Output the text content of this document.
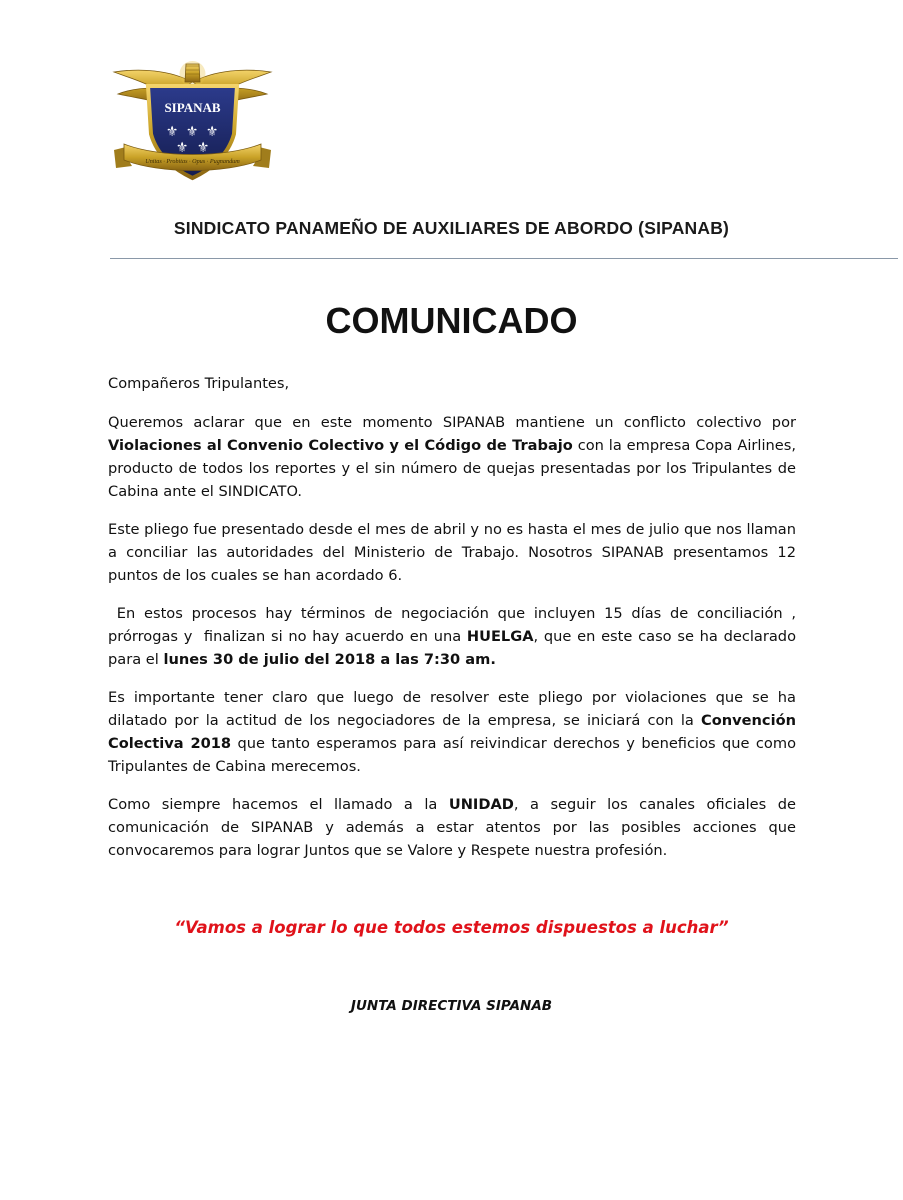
⚜ ⚜ ⚜
⚜ ⚜
SIPANAB
Unitas · Probitas · Opus · Pugnandum
SINDICATO PANAMEÑO DE AUXILIARES DE ABORDO (SIPANAB)
COMUNICADO

Compañeros Tripulantes,

Queremos aclarar que en este momento SIPANAB mantiene un conflicto colectivo por Violaciones al Convenio Colectivo y el Código de Trabajo con la empresa Copa Airlines, producto de todos los reportes y el sin número de quejas presentadas por los Tripulantes de Cabina ante el SINDICATO.

Este pliego fue presentado desde el mes de abril y no es hasta el mes de julio que nos llaman a conciliar las autoridades del Ministerio de Trabajo. Nosotros SIPANAB presentamos 12 puntos de los cuales se han acordado 6.

En estos procesos hay términos de negociación que incluyen 15 días de conciliación , prórrogas y  finalizan si no hay acuerdo en una HUELGA, que en este caso se ha declarado para el lunes 30 de julio del 2018 a las 7:30 am.

Es importante tener claro que luego de resolver este pliego por violaciones que se ha dilatado por la actitud de los negociadores de la empresa, se iniciará con la Convención Colectiva 2018 que tanto esperamos para así reivindicar derechos y beneficios que como Tripulantes de Cabina merecemos.

Como siempre hacemos el llamado a la UNIDAD, a seguir los canales oficiales de comunicación de SIPANAB y además a estar atentos por las posibles acciones que convocaremos para lograr Juntos que se Valore y Respete nuestra profesión.

“Vamos a lograr lo que todos estemos dispuestos a luchar”
JUNTA DIRECTIVA SIPANAB
